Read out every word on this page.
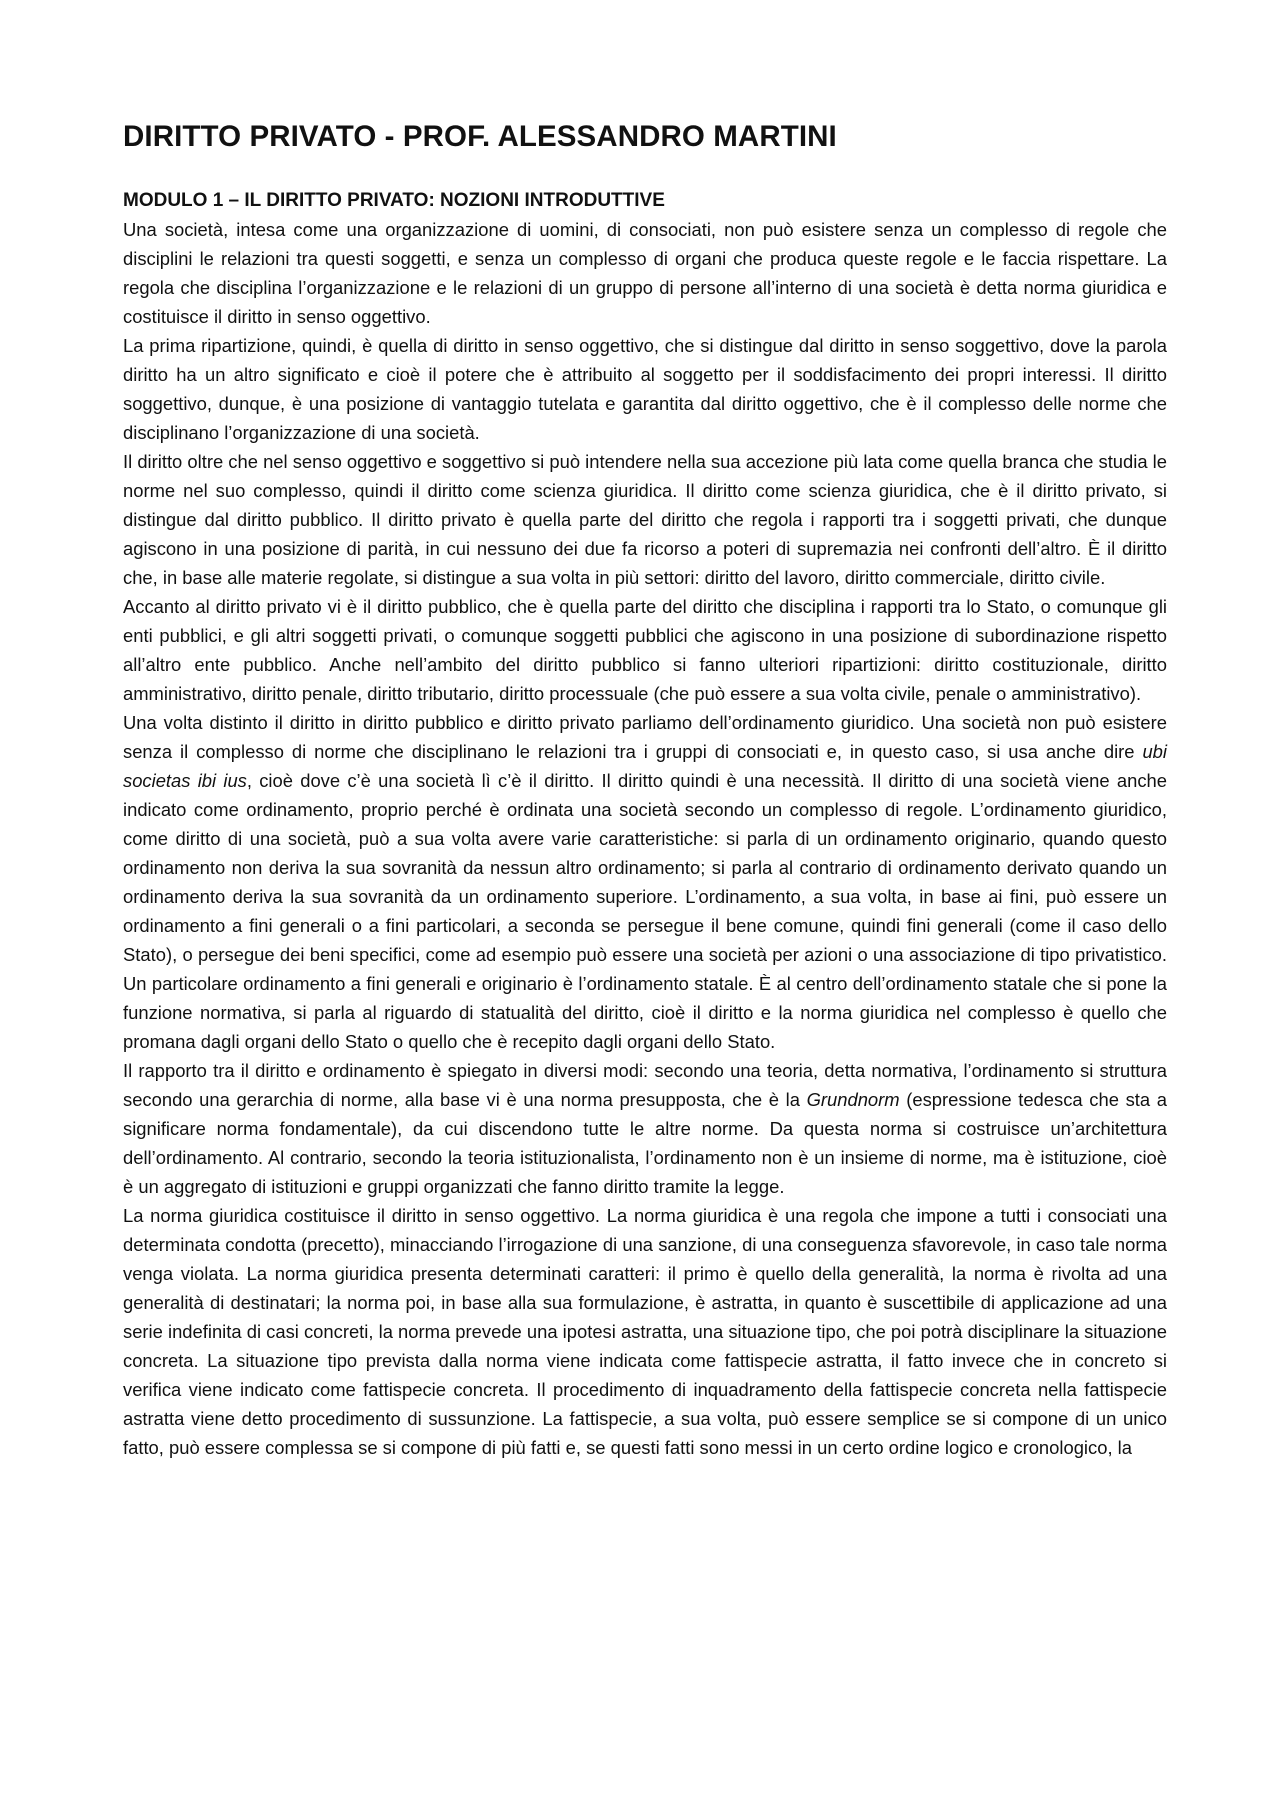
DIRITTO PRIVATO - PROF. ALESSANDRO MARTINI
MODULO 1 – IL DIRITTO PRIVATO: NOZIONI INTRODUTTIVE

Una società, intesa come una organizzazione di uomini, di consociati, non può esistere senza un complesso di regole che disciplini le relazioni tra questi soggetti, e senza un complesso di organi che produca queste regole e le faccia rispettare. La regola che disciplina l’organizzazione e le relazioni di un gruppo di persone all’interno di una società è detta norma giuridica e costituisce il diritto in senso oggettivo.

La prima ripartizione, quindi, è quella di diritto in senso oggettivo, che si distingue dal diritto in senso soggettivo, dove la parola diritto ha un altro significato e cioè il potere che è attribuito al soggetto per il soddisfacimento dei propri interessi. Il diritto soggettivo, dunque, è una posizione di vantaggio tutelata e garantita dal diritto oggettivo, che è il complesso delle norme che disciplinano l’organizzazione di una società.

Il diritto oltre che nel senso oggettivo e soggettivo si può intendere nella sua accezione più lata come quella branca che studia le norme nel suo complesso, quindi il diritto come scienza giuridica. Il diritto come scienza giuridica, che è il diritto privato, si distingue dal diritto pubblico. Il diritto privato è quella parte del diritto che regola i rapporti tra i soggetti privati, che dunque agiscono in una posizione di parità, in cui nessuno dei due fa ricorso a poteri di supremazia nei confronti dell’altro. È il diritto che, in base alle materie regolate, si distingue a sua volta in più settori: diritto del lavoro, diritto commerciale, diritto civile.

Accanto al diritto privato vi è il diritto pubblico, che è quella parte del diritto che disciplina i rapporti tra lo Stato, o comunque gli enti pubblici, e gli altri soggetti privati, o comunque soggetti pubblici che agiscono in una posizione di subordinazione rispetto all’altro ente pubblico. Anche nell’ambito del diritto pubblico si fanno ulteriori ripartizioni: diritto costituzionale, diritto amministrativo, diritto penale, diritto tributario, diritto processuale (che può essere a sua volta civile, penale o amministrativo).

Una volta distinto il diritto in diritto pubblico e diritto privato parliamo dell’ordinamento giuridico. Una società non può esistere senza il complesso di norme che disciplinano le relazioni tra i gruppi di consociati e, in questo caso, si usa anche dire ubi societas ibi ius, cioè dove c’è una società lì c’è il diritto. Il diritto quindi è una necessità. Il diritto di una società viene anche indicato come ordinamento, proprio perché è ordinata una società secondo un complesso di regole. L’ordinamento giuridico, come diritto di una società, può a sua volta avere varie caratteristiche: si parla di un ordinamento originario, quando questo ordinamento non deriva la sua sovranità da nessun altro ordinamento; si parla al contrario di ordinamento derivato quando un ordinamento deriva la sua sovranità da un ordinamento superiore. L’ordinamento, a sua volta, in base ai fini, può essere un ordinamento a fini generali o a fini particolari, a seconda se persegue il bene comune, quindi fini generali (come il caso dello Stato), o persegue dei beni specifici, come ad esempio può essere una società per azioni o una associazione di tipo privatistico. Un particolare ordinamento a fini generali e originario è l’ordinamento statale. È al centro dell’ordinamento statale che si pone la funzione normativa, si parla al riguardo di statualità del diritto, cioè il diritto e la norma giuridica nel complesso è quello che promana dagli organi dello Stato o quello che è recepito dagli organi dello Stato.

Il rapporto tra il diritto e ordinamento è spiegato in diversi modi: secondo una teoria, detta normativa, l’ordinamento si struttura secondo una gerarchia di norme, alla base vi è una norma presupposta, che è la Grundnorm (espressione tedesca che sta a significare norma fondamentale), da cui discendono tutte le altre norme. Da questa norma si costruisce un’architettura dell’ordinamento. Al contrario, secondo la teoria istituzionalista, l’ordinamento non è un insieme di norme, ma è istituzione, cioè è un aggregato di istituzioni e gruppi organizzati che fanno diritto tramite la legge.

La norma giuridica costituisce il diritto in senso oggettivo. La norma giuridica è una regola che impone a tutti i consociati una determinata condotta (precetto), minacciando l’irrogazione di una sanzione, di una conseguenza sfavorevole, in caso tale norma venga violata. La norma giuridica presenta determinati caratteri: il primo è quello della generalità, la norma è rivolta ad una generalità di destinatari; la norma poi, in base alla sua formulazione, è astratta, in quanto è suscettibile di applicazione ad una serie indefinita di casi concreti, la norma prevede una ipotesi astratta, una situazione tipo, che poi potrà disciplinare la situazione concreta. La situazione tipo prevista dalla norma viene indicata come fattispecie astratta, il fatto invece che in concreto si verifica viene indicato come fattispecie concreta. Il procedimento di inquadramento della fattispecie concreta nella fattispecie astratta viene detto procedimento di sussunzione. La fattispecie, a sua volta, può essere semplice se si compone di un unico fatto, può essere complessa se si compone di più fatti e, se questi fatti sono messi in un certo ordine logico e cronologico, la
